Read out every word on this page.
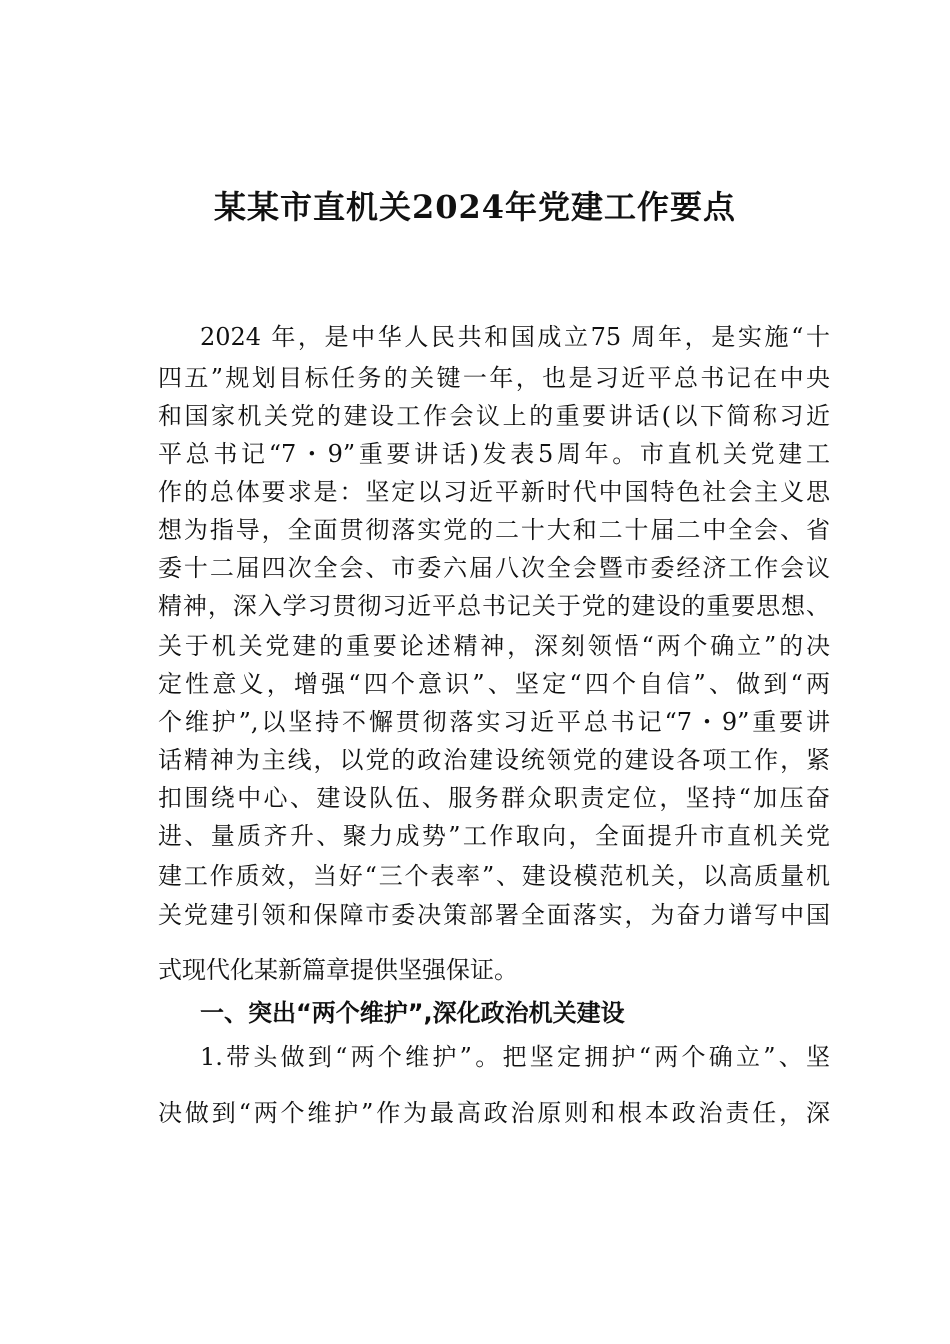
某某市直机关2024年党建工作要点
2024 年，是中华人民共和国成立75 周年，是实施“十
四五”规划目标任务的关键一年，也是习近平总书记在中央
和国家机关党的建设工作会议上的重要讲话(以下简称习近
平总书记“7・9”重要讲话)发表5周年。市直机关党建工
作的总体要求是：坚定以习近平新时代中国特色社会主义思
想为指导，全面贯彻落实党的二十大和二十届二中全会、省
委十二届四次全会、市委六届八次全会暨市委经济工作会议
精神，深入学习贯彻习近平总书记关于党的建设的重要思想、
关于机关党建的重要论述精神，深刻领悟“两个确立”的决
定性意义，增强“四个意识”、坚定“四个自信”、做到“两
个维护”,以坚持不懈贯彻落实习近平总书记“7・9”重要讲
话精神为主线，以党的政治建设统领党的建设各项工作，紧
扣围绕中心、建设队伍、服务群众职责定位，坚持“加压奋
进、量质齐升、聚力成势”工作取向，全面提升市直机关党
建工作质效，当好“三个表率”、建设模范机关，以高质量机
关党建引领和保障市委决策部署全面落实，为奋力谱写中国
式现代化某新篇章提供坚强保证。
一、突出“两个维护”,深化政治机关建设
1.带头做到“两个维护”。把坚定拥护“两个确立”、坚
决做到“两个维护”作为最高政治原则和根本政治责任，深
